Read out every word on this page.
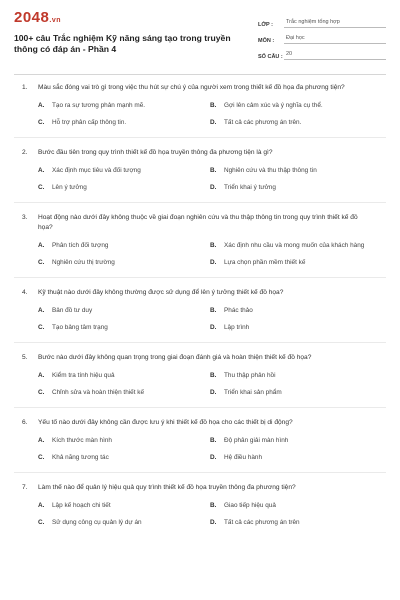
2048.vn
100+ câu Trắc nghiệm Kỹ năng sáng tạo trong truyền
thông có đáp án - Phần 4
LỚP :	Trắc nghiệm tổng hợp
MÔN :	Đại học
SỐ CÂU : 20
1.	Màu sắc đóng vai trò gì trong việc thu hút sự chú ý của người xem trong thiết kế đồ họa đa phương tiện?
A.	Tạo ra sự tương phản mạnh mẽ.	B.	Gợi lên cảm xúc và ý nghĩa cụ thể.
C.	Hỗ trợ phân cấp thông tin.	D.	Tất cả các phương án trên.
2.	Bước đầu tiên trong quy trình thiết kế đồ họa truyền thông đa phương tiện là gì?
A.	Xác định mục tiêu và đối tượng	B.	Nghiên cứu và thu thập thông tin
C.	Lên ý tưởng	D.	Triển khai ý tưởng
3.	Hoạt động nào dưới đây không thuộc về giai đoạn nghiên cứu và thu thập thông tin trong quy trình thiết kế đồ họa?
A.	Phân tích đối tượng	B.	Xác định nhu cầu và mong muốn của khách hàng
C.	Nghiên cứu thị trường	D.	Lựa chọn phần mềm thiết kế
4.	Kỹ thuật nào dưới đây không thường được sử dụng để lên ý tưởng thiết kế đồ họa?
A.	Bản đồ tư duy	B.	Phác thảo
C.	Tạo bảng tâm trạng	D.	Lập trình
5.	Bước nào dưới đây không quan trọng trong giai đoạn đánh giá và hoàn thiện thiết kế đồ họa?
A.	Kiểm tra tính hiệu quả	B.	Thu thập phản hồi
C.	Chỉnh sửa và hoàn thiện thiết kế	D.	Triển khai sản phẩm
6.	Yếu tố nào dưới đây không cần được lưu ý khi thiết kế đồ họa cho các thiết bị di động?
A.	Kích thước màn hình	B.	Độ phân giải màn hình
C.	Khả năng tương tác	D.	Hệ điều hành
7.	Làm thế nào để quản lý hiệu quả quy trình thiết kế đồ họa truyền thông đa phương tiện?
A.	Lập kế hoạch chi tiết	B.	Giao tiếp hiệu quả
C.	Sử dụng công cụ quản lý dự án	D.	Tất cả các phương án trên
